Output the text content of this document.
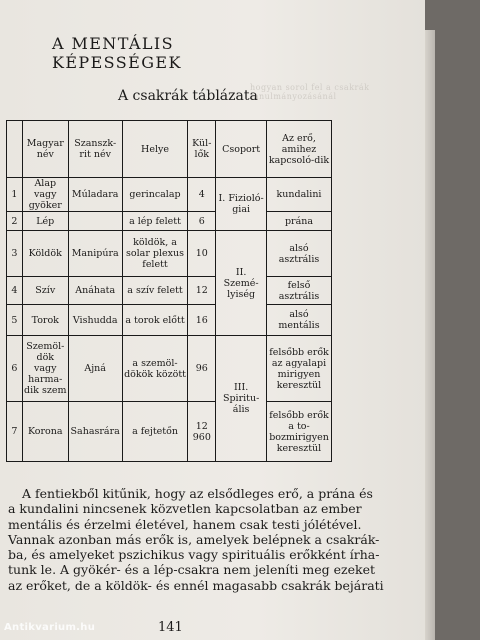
hogyan sorol fel a csakrák tanulmányozásánál
A MENTÁLIS KÉPESSÉGEK
A csakrák táblázata
	Magyar név	Szanszk-rit név	Helye	Kül-lők	Csoport	Az erő, amihez kapcsoló-dik
1	Alap vagy gyöker	Múladara	gerincalap	4	I. Fizioló-giai	kundalini
2	Lép		a lép felett	6		prána
3	Köldök	Manipúra	köldök, a solar plexus felett	10	II. Szemé-lyiség	alsó asztrális
4	Szív	Anáhata	a szív felett	12		felső asztrális
5	Torok	Vishudda	a torok előtt	16		alsó mentális
6	Szemöl-dök vagy harma-dik szem	Ajná	a szemöl-dökök között	96	III. Spiritu-ális	felsőbb erők az agyalapi mirigyen keresztül
7	Korona	Sahasrára	a fejtetőn	12 960		felsőbb erők a to-bozmirigyen keresztül

A fentiekből kitűnik, hogy az elsődleges erő, a prána és

a kundalini nincsenek közvetlen kapcsolatban az ember
mentális és érzelmi életével, hanem csak testi jólétével.
Vannak azonban más erők is, amelyek belépnek a csakrák-
ba, és amelyeket pszichikus vagy spirituális erőkként írha-
tunk le. A gyökér- és a lép-csakra nem jeleníti meg ezeket
az erőket, de a köldök- és ennél magasabb csakrák bejárati
141
Antikvarium.hu
